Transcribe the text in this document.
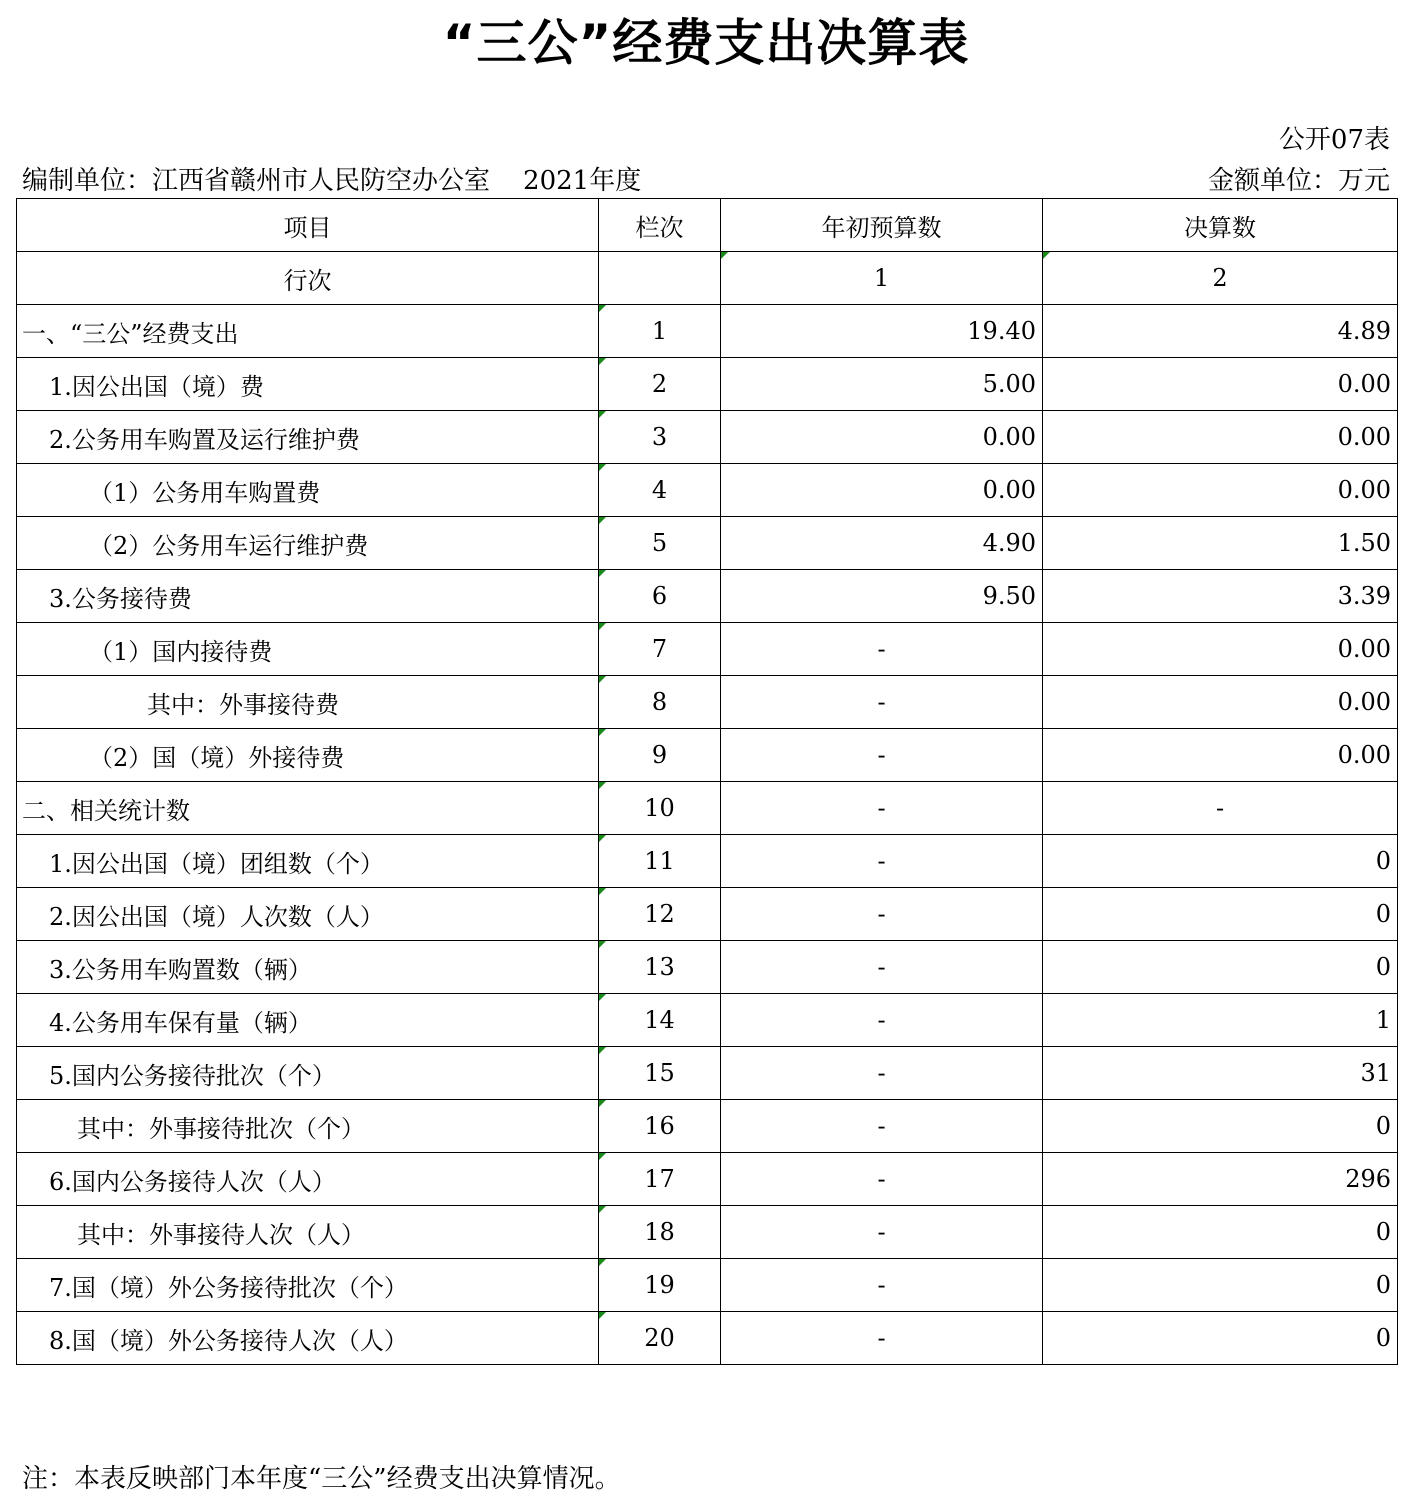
“三公”经费支出决算表
公开07表
编制单位：江西省赣州市人民防空办公室    2021年度	金额单位：万元
项目	栏次	年初预算数	决算数
行次		1	2
一、“三公”经费支出	1	19.40	4.89
1.因公出国（境）费	2	5.00	0.00
2.公务用车购置及运行维护费	3	0.00	0.00
（1）公务用车购置费	4	0.00	0.00
（2）公务用车运行维护费	5	4.90	1.50
3.公务接待费	6	9.50	3.39
（1）国内接待费	7	-	0.00
其中：外事接待费	8	-	0.00
（2）国（境）外接待费	9	-	0.00
二、相关统计数	10	-	-
1.因公出国（境）团组数（个）	11	-	0
2.因公出国（境）人次数（人）	12	-	0
3.公务用车购置数（辆）	13	-	0
4.公务用车保有量（辆）	14	-	1
5.国内公务接待批次（个）	15	-	31
其中：外事接待批次（个）	16	-	0
6.国内公务接待人次（人）	17	-	296
其中：外事接待人次（人）	18	-	0
7.国（境）外公务接待批次（个）	19	-	0
8.国（境）外公务接待人次（人）	20	-	0
注：本表反映部门本年度“三公”经费支出决算情况。
